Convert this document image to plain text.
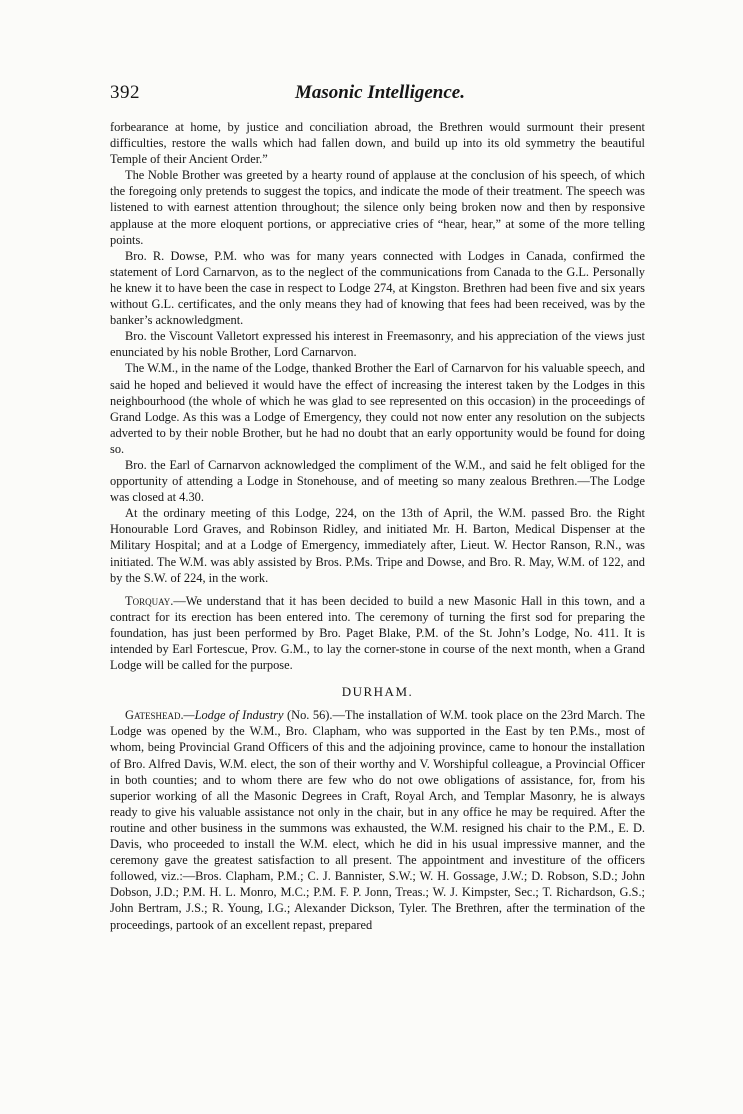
392	Masonic Intelligence.

forbearance at home, by justice and conciliation abroad, the Brethren would surmount their present difficulties, restore the walls which had fallen down, and build up into its old symmetry the beautiful Temple of their Ancient Order.”

The Noble Brother was greeted by a hearty round of applause at the conclusion of his speech, of which the foregoing only pretends to suggest the topics, and indicate the mode of their treatment. The speech was listened to with earnest attention throughout; the silence only being broken now and then by responsive applause at the more eloquent portions, or appreciative cries of “hear, hear,” at some of the more telling points.

Bro. R. Dowse, P.M. who was for many years connected with Lodges in Canada, confirmed the statement of Lord Carnarvon, as to the neglect of the communications from Canada to the G.L. Personally he knew it to have been the case in respect to Lodge 274, at Kingston. Brethren had been five and six years without G.L. certificates, and the only means they had of knowing that fees had been received, was by the banker’s acknowledgment.

Bro. the Viscount Valletort expressed his interest in Freemasonry, and his appreciation of the views just enunciated by his noble Brother, Lord Carnarvon.

The W.M., in the name of the Lodge, thanked Brother the Earl of Carnarvon for his valuable speech, and said he hoped and believed it would have the effect of increasing the interest taken by the Lodges in this neighbourhood (the whole of which he was glad to see represented on this occasion) in the proceedings of Grand Lodge. As this was a Lodge of Emergency, they could not now enter any resolution on the subjects adverted to by their noble Brother, but he had no doubt that an early opportunity would be found for doing so.

Bro. the Earl of Carnarvon acknowledged the compliment of the W.M., and said he felt obliged for the opportunity of attending a Lodge in Stonehouse, and of meeting so many zealous Brethren.—The Lodge was closed at 4.30.

At the ordinary meeting of this Lodge, 224, on the 13th of April, the W.M. passed Bro. the Right Honourable Lord Graves, and Robinson Ridley, and initiated Mr. H. Barton, Medical Dispenser at the Military Hospital; and at a Lodge of Emergency, immediately after, Lieut. W. Hector Ranson, R.N., was initiated. The W.M. was ably assisted by Bros. P.Ms. Tripe and Dowse, and Bro. R. May, W.M. of 122, and by the S.W. of 224, in the work.

Torquay.—We understand that it has been decided to build a new Masonic Hall in this town, and a contract for its erection has been entered into. The ceremony of turning the first sod for preparing the foundation, has just been performed by Bro. Paget Blake, P.M. of the St. John’s Lodge, No. 411. It is intended by Earl Fortescue, Prov. G.M., to lay the corner-stone in course of the next month, when a Grand Lodge will be called for the purpose.

DURHAM.

Gateshead.—Lodge of Industry (No. 56).—The installation of W.M. took place on the 23rd March. The Lodge was opened by the W.M., Bro. Clapham, who was supported in the East by ten P.Ms., most of whom, being Provincial Grand Officers of this and the adjoining province, came to honour the installation of Bro. Alfred Davis, W.M. elect, the son of their worthy and V. Worshipful colleague, a Provincial Officer in both counties; and to whom there are few who do not owe obligations of assistance, for, from his superior working of all the Masonic Degrees in Craft, Royal Arch, and Templar Masonry, he is always ready to give his valuable assistance not only in the chair, but in any office he may be required. After the routine and other business in the summons was exhausted, the W.M. resigned his chair to the P.M., E. D. Davis, who proceeded to install the W.M. elect, which he did in his usual impressive manner, and the ceremony gave the greatest satisfaction to all present. The appointment and investiture of the officers followed, viz.:—Bros. Clapham, P.M.; C. J. Bannister, S.W.; W. H. Gossage, J.W.; D. Robson, S.D.; John Dobson, J.D.; P.M. H. L. Monro, M.C.; P.M. F. P. Jonn, Treas.; W. J. Kimpster, Sec.; T. Richardson, G.S.; John Bertram, J.S.; R. Young, I.G.; Alexander Dickson, Tyler. The Brethren, after the termination of the proceedings, partook of an excellent repast, prepared
